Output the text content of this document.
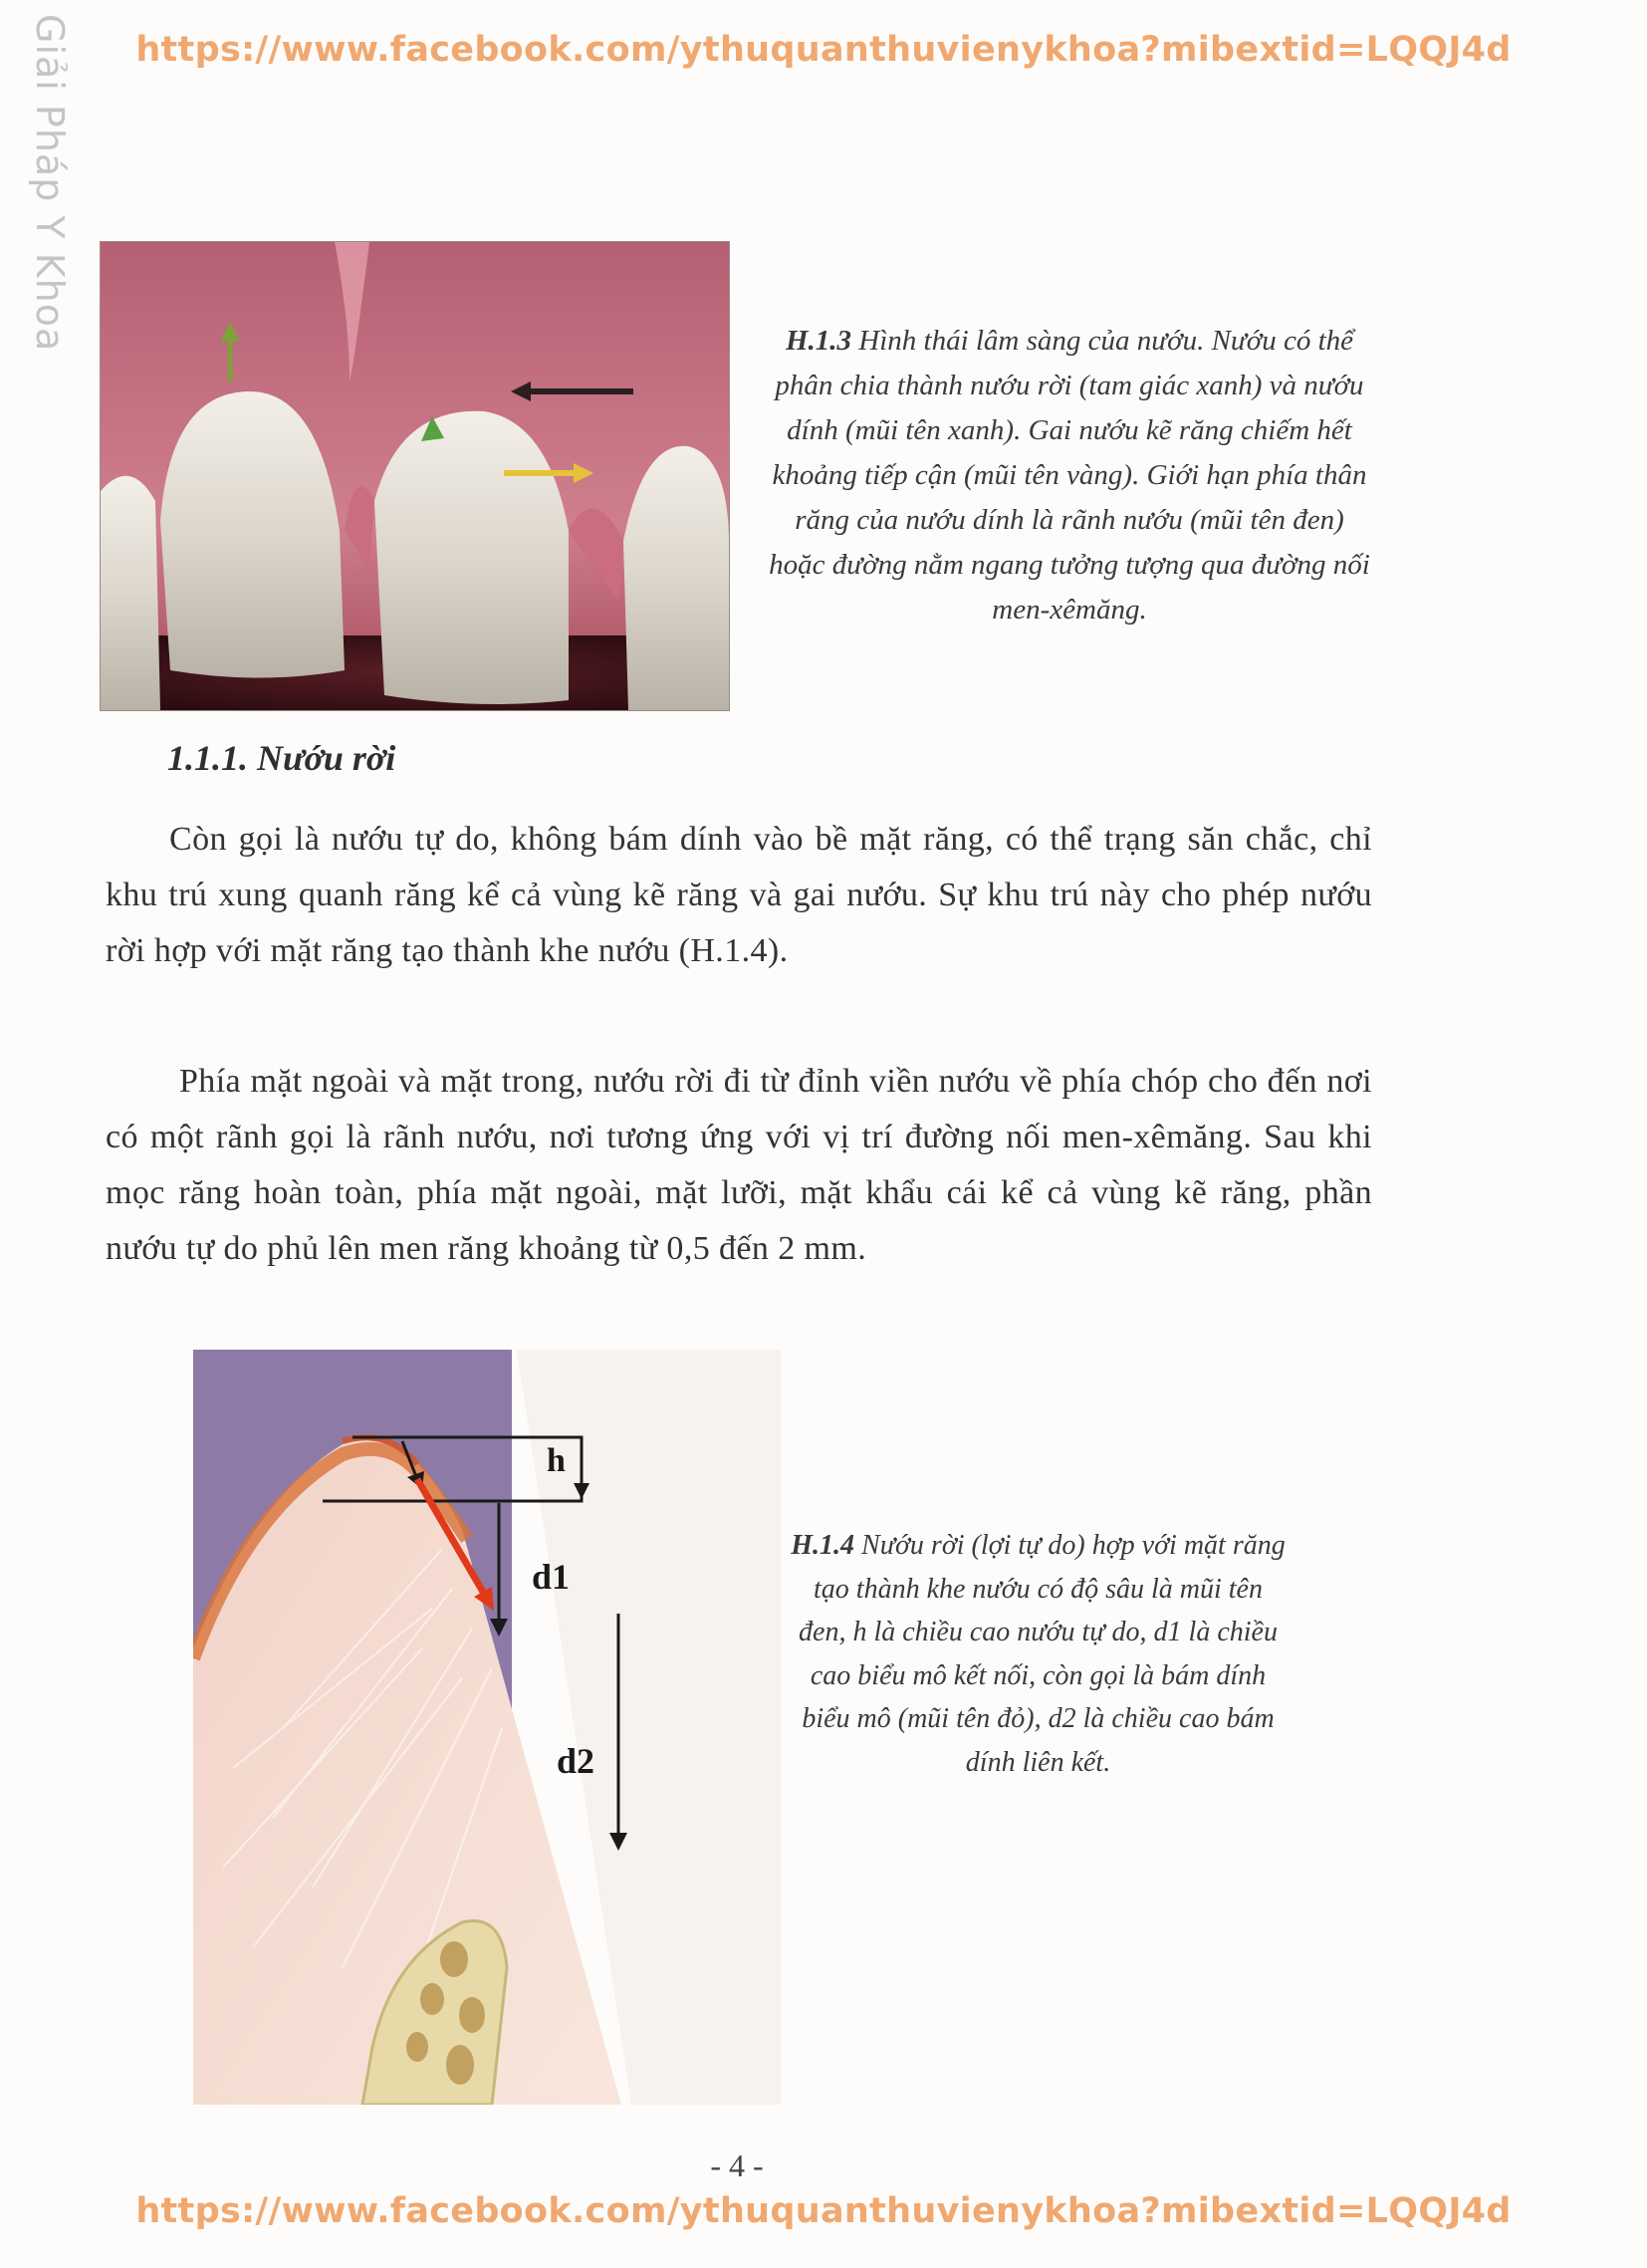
https://www.facebook.com/ythuquanthuvienykhoa?mibextid=LQQJ4d
Giải Pháp Y Khoa	H.1.3 Hình thái lâm sàng của nướu. Nướu có thể phân chia thành nướu rời (tam giác xanh) và nướu dính (mũi tên xanh). Gai nướu kẽ răng chiếm hết khoảng tiếp cận (mũi tên vàng). Giới hạn phía thân răng của nướu dính là rãnh nướu (mũi tên đen) hoặc đường nằm ngang tưởng tượng qua đường nối men-xêmăng.
1.1.1. Nướu rời
Còn gọi là nướu tự do, không bám dính vào bề mặt răng, có thể trạng săn chắc, chỉ khu trú xung quanh răng kể cả vùng kẽ răng và gai nướu. Sự khu trú này cho phép nướu rời hợp với mặt răng tạo thành khe nướu (H.1.4).
Phía mặt ngoài và mặt trong, nướu rời đi từ đỉnh viền nướu về phía chóp cho đến nơi có một rãnh gọi là rãnh nướu, nơi tương ứng với vị trí đường nối men-xêmăng. Sau khi mọc răng hoàn toàn, phía mặt ngoài, mặt lưỡi, mặt khẩu cái kể cả vùng kẽ răng, phần nướu tự do phủ lên men răng khoảng từ 0,5 đến 2 mm.
h
d1
d2
H.1.4 Nướu rời (lợi tự do) hợp với mặt răng tạo thành khe nướu có độ sâu là mũi tên đen, h là chiều cao nướu tự do, d1 là chiều cao biểu mô kết nối, còn gọi là bám dính biểu mô (mũi tên đỏ), d2 là chiều cao bám dính liên kết.
- 4 -
https://www.facebook.com/ythuquanthuvienykhoa?mibextid=LQQJ4d
